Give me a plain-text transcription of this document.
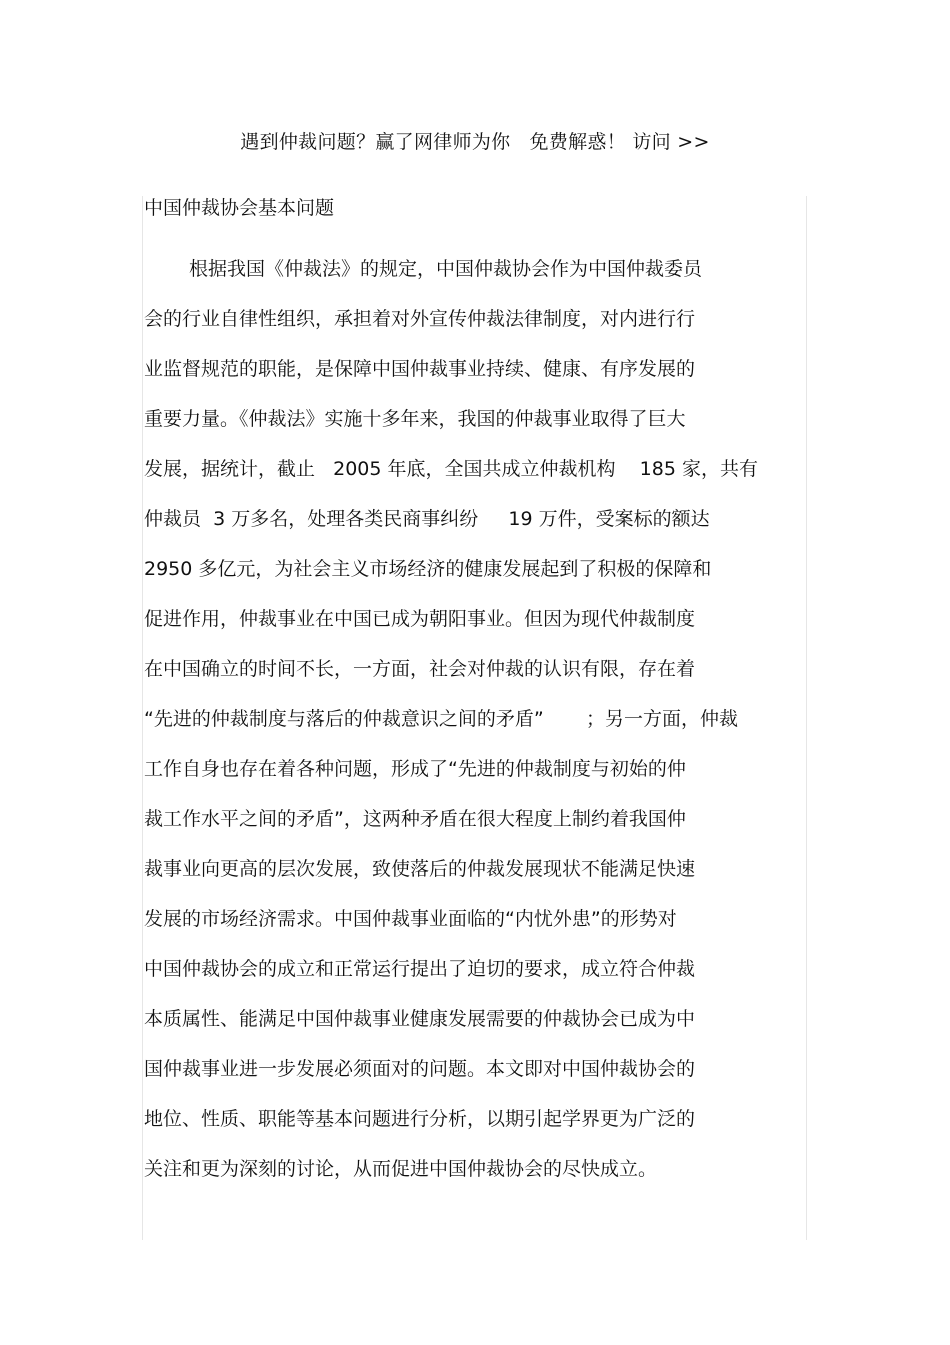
遇到仲裁问题？赢了网律师为你   免费解惑！ 访问 >>
中国仲裁协会基本问题
根据我国《仲裁法》的规定，中国仲裁协会作为中国仲裁委员
会的行业自律性组织，承担着对外宣传仲裁法律制度，对内进行行
业监督规范的职能，是保障中国仲裁事业持续、健康、有序发展的
重要力量。《仲裁法》实施十多年来，我国的仲裁事业取得了巨大
发展，据统计，截止   2005 年底，全国共成立仲裁机构    185 家，共有
仲裁员  3 万多名，处理各类民商事纠纷     19 万件，受案标的额达
2950 多亿元，为社会主义市场经济的健康发展起到了积极的保障和
促进作用，仲裁事业在中国已成为朝阳事业。但因为现代仲裁制度
在中国确立的时间不长，一方面，社会对仲裁的认识有限，存在着
“先进的仲裁制度与落后的仲裁意识之间的矛盾”       ；另一方面，仲裁
工作自身也存在着各种问题，形成了“先进的仲裁制度与初始的仲
裁工作水平之间的矛盾”，这两种矛盾在很大程度上制约着我国仲
裁事业向更高的层次发展，致使落后的仲裁发展现状不能满足快速
发展的市场经济需求。中国仲裁事业面临的“内忧外患”的形势对
中国仲裁协会的成立和正常运行提出了迫切的要求，成立符合仲裁
本质属性、能满足中国仲裁事业健康发展需要的仲裁协会已成为中
国仲裁事业进一步发展必须面对的问题。本文即对中国仲裁协会的
地位、性质、职能等基本问题进行分析，以期引起学界更为广泛的
关注和更为深刻的讨论，从而促进中国仲裁协会的尽快成立。
